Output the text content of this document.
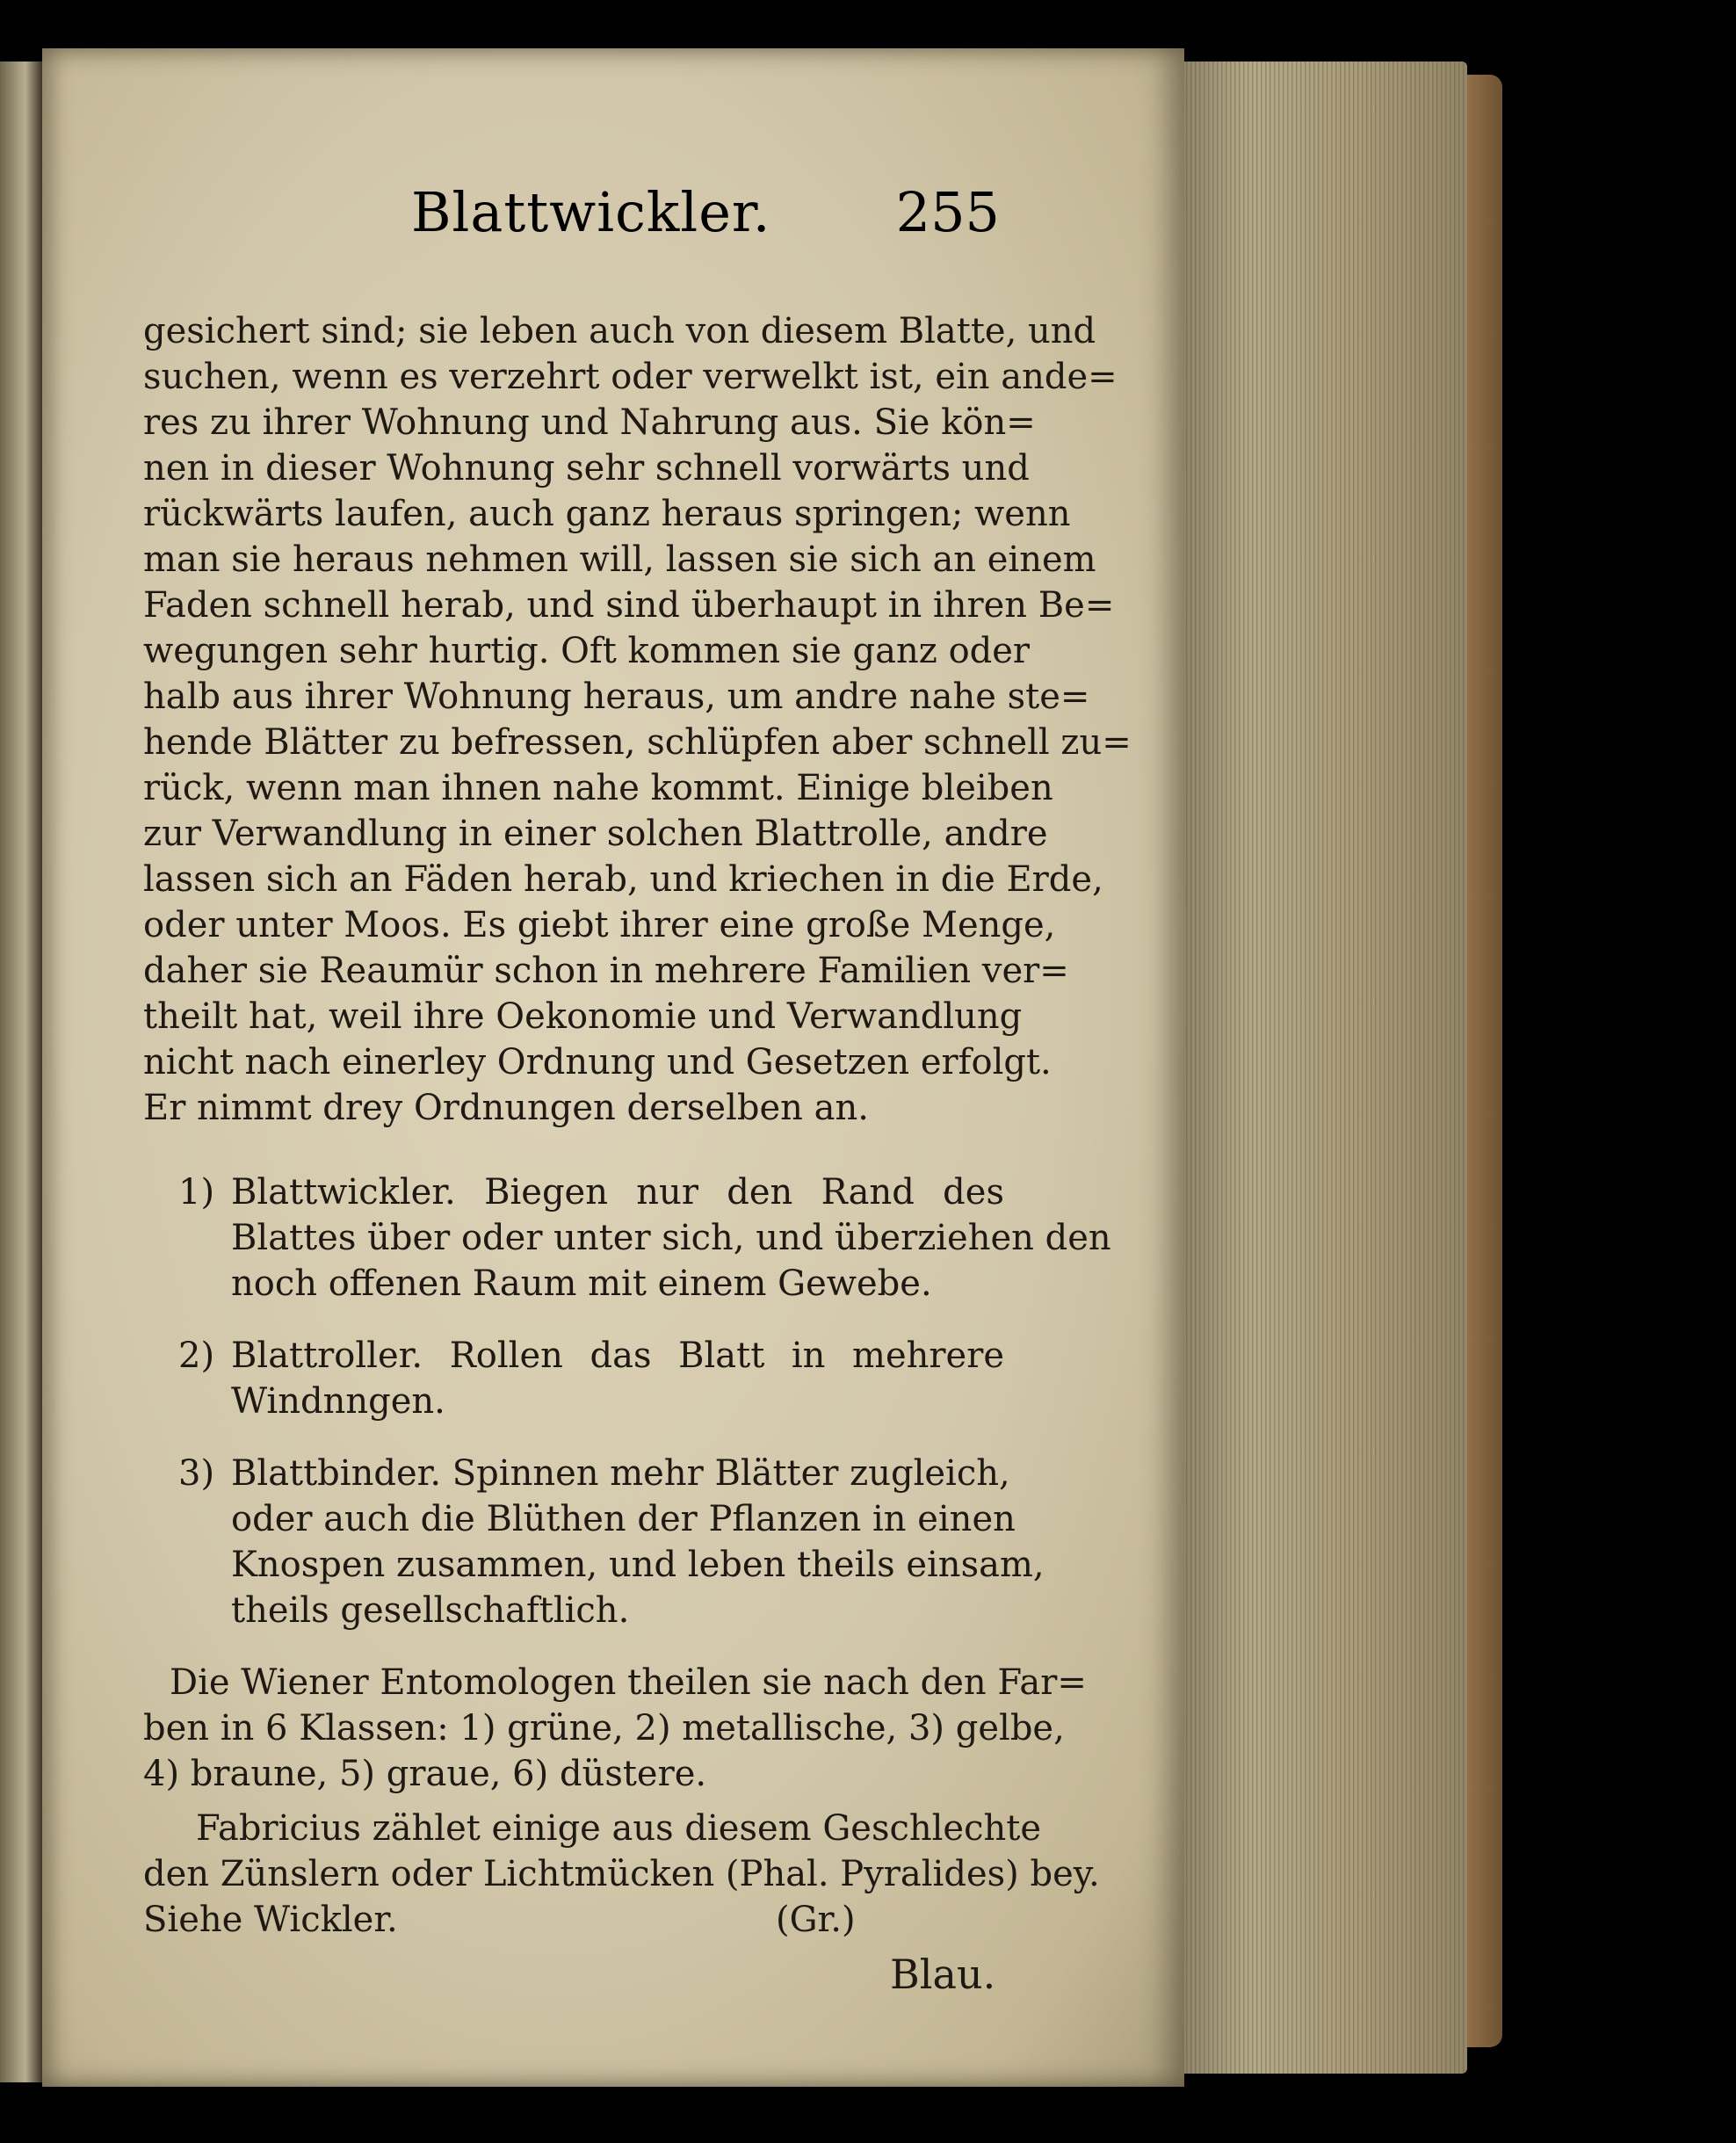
Blattwickler. 255
gesichert sind; sie leben auch von diesem Blatte, und
suchen, wenn es verzehrt oder verwelkt ist, ein ande=
res zu ihrer Wohnung und Nahrung aus. Sie kön=
nen in dieser Wohnung sehr schnell vorwärts und
rückwärts laufen, auch ganz heraus springen; wenn
man sie heraus nehmen will, lassen sie sich an einem
Faden schnell herab, und sind überhaupt in ihren Be=
wegungen sehr hurtig. Oft kommen sie ganz oder
halb aus ihrer Wohnung heraus, um andre nahe ste=
hende Blätter zu befressen, schlüpfen aber schnell zu=
rück, wenn man ihnen nahe kommt. Einige bleiben
zur Verwandlung in einer solchen Blattrolle, andre
lassen sich an Fäden herab, und kriechen in die Erde,
oder unter Moos. Es giebt ihrer eine große Menge,
daher sie Reaumür schon in mehrere Familien ver=
theilt hat, weil ihre Oekonomie und Verwandlung
nicht nach einerley Ordnung und Gesetzen erfolgt.
Er nimmt drey Ordnungen derselben an.
1) Blattwickler. Biegen nur den Rand des
Blattes über oder unter sich, und überziehen den
noch offenen Raum mit einem Gewebe.
2) Blattroller. Rollen das Blatt in mehrere
Windnngen.
3) Blattbinder. Spinnen mehr Blätter zugleich,
oder auch die Blüthen der Pflanzen in einen
Knospen zusammen, und leben theils einsam,
theils gesellschaftlich.
Die Wiener Entomologen theilen sie nach den Far=
ben in 6 Klassen: 1) grüne, 2) metallische, 3) gelbe,
4) braune, 5) graue, 6) düstere.
Fabricius zählet einige aus diesem Geschlechte
den Zünslern oder Lichtmücken (Phal. Pyralides) bey.
Siehe Wickler.	(Gr.)
Blau.
